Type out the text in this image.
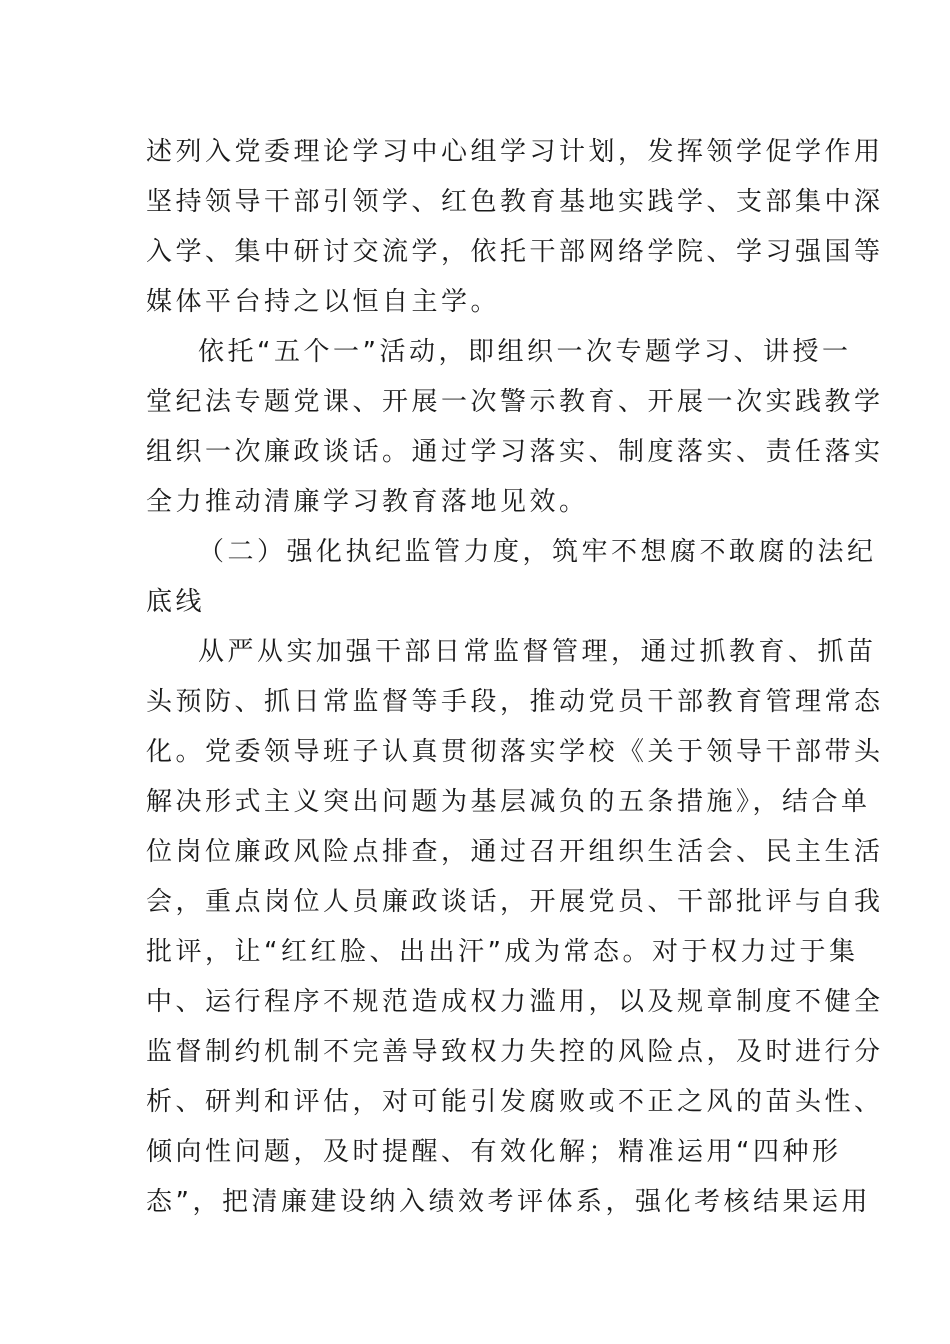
述列入党委理论学习中心组学习计划，发挥领学促学作用
坚持领导干部引领学、红色教育基地实践学、支部集中深
入学、集中研讨交流学，依托干部网络学院、学习强国等
媒体平台持之以恒自主学。
依托“五个一”活动，即组织一次专题学习、讲授一
堂纪法专题党课、开展一次警示教育、开展一次实践教学
组织一次廉政谈话。通过学习落实、制度落实、责任落实
全力推动清廉学习教育落地见效。
（二）强化执纪监管力度，筑牢不想腐不敢腐的法纪
底线
从严从实加强干部日常监督管理，通过抓教育、抓苗
头预防、抓日常监督等手段，推动党员干部教育管理常态
化。党委领导班子认真贯彻落实学校《关于领导干部带头
解决形式主义突出问题为基层减负的五条措施》，结合单
位岗位廉政风险点排查，通过召开组织生活会、民主生活
会，重点岗位人员廉政谈话，开展党员、干部批评与自我
批评，让“红红脸、出出汗”成为常态。对于权力过于集
中、运行程序不规范造成权力滥用，以及规章制度不健全
监督制约机制不完善导致权力失控的风险点，及时进行分
析、研判和评估，对可能引发腐败或不正之风的苗头性、
倾向性问题，及时提醒、有效化解；精准运用“四种形
态”，把清廉建设纳入绩效考评体系，强化考核结果运用
